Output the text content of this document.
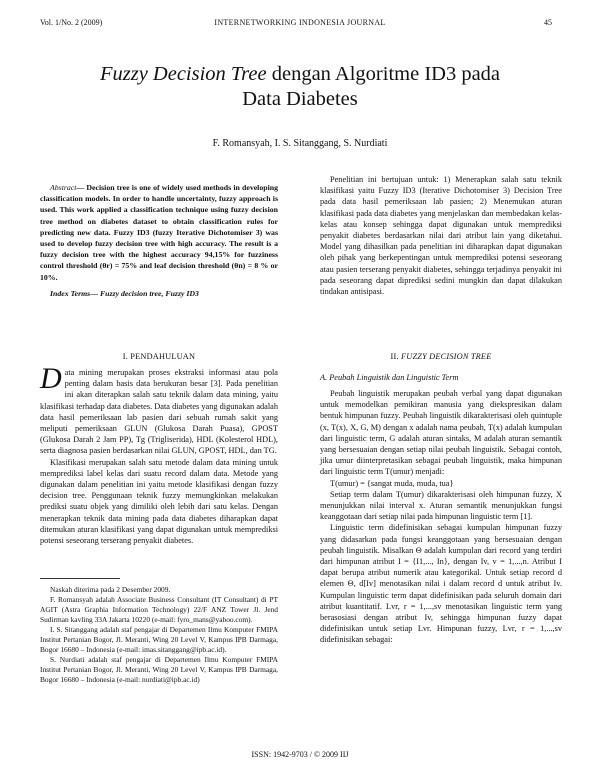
Vol. 1/No. 2 (2009)	INTERNETWORKING INDONESIA JOURNAL	45
Fuzzy Decision Tree dengan Algoritme ID3 pada
Data Diabetes
F. Romansyah, I. S. Sitanggang, S. Nurdiati
Abstract— Decision tree is one of widely used methods in developing classification models. In order to handle uncertainty, fuzzy approach is used. This work applied a classification technique using fuzzy decision tree method on diabetes dataset to obtain classification rules for predicting new data. Fuzzy ID3 (fuzzy Iterative Dichotomiser 3) was used to develop fuzzy decision tree with high accuracy. The result is a fuzzy decision tree with the highest accuracy 94,15% for fuzziness control threshold (θr) = 75% and leaf decision threshold (θn) = 8 % or 10%.
Index Terms— Fuzzy decision tree, Fuzzy ID3
I. PENDAHULUAN
Data mining merupakan proses ekstraksi informasi atau pola penting dalam basis data berukuran besar [3]. Pada penelitian ini akan diterapkan salah satu teknik dalam data mining, yaitu klasifikasi terhadap data diabetes. Data diabetes yang digunakan adalah data hasil pemeriksaan lab pasien dari sebuah rumah sakit yang meliputi pemeriksaan GLUN (Glukosa Darah Puasa), GPOST (Glukosa Darah 2 Jam PP), Tg (Trigliserida), HDL (Kolesterol HDL), serta diagnosa pasien berdasarkan nilai GLUN, GPOST, HDL, dan TG.
Klasifikasi merupakan salah satu metode dalam data mining untuk memprediksi label kelas dari suatu record dalam data. Metode yang digunakan dalam penelitian ini yaitu metode klasifikasi dengan fuzzy decision tree. Penggunaan teknik fuzzy memungkinkan melakukan prediksi suatu objek yang dimiliki oleh lebih dari satu kelas. Dengan menerapkan teknik data mining pada data diabetes diharapkan dapat ditemukan aturan klasifikasi yang dapat digunakan untuk memprediksi potensi seseorang terserang penyakit diabetes.

Naskah diterima pada 2 Desember 2009.

F. Romansyah adalah Associate Business Consultant (IT Consultant) di PT AGIT (Astra Graphia Information Technology) 22/F ANZ Tower Jl. Jend Sudirman kavling 33A Jakarta 10220 (e-mail: fyro_mans@yahoo.com).

I. S. Sitanggang adalah staf pengajar di Departemen Ilmu Komputer FMIPA Institut Pertanian Bogor, Jl. Meranti, Wing 20 Level V, Kampus IPB Darmaga, Bogor 16680 – Indonesia (e-mail: imas.sitanggang@ipb.ac.id).

S. Nurdiati adalah staf pengajar di Departemen Ilmu Komputer FMIPA Institut Pertanian Bogor, Jl. Meranti, Wing 20 Level V, Kampus IPB Darmaga, Bogor 16680 – Indonesia (e-mail: nurdiati@ipb.ac.id)

Penelitian ini bertujuan untuk: 1) Menerapkan salah satu teknik klasifikasi yaitu Fuzzy ID3 (Iterative Dichotomiser 3) Decision Tree pada data hasil pemeriksaan lab pasien; 2) Menemukan aturan klasifikasi pada data diabetes yang menjelaskan dan membedakan kelas-kelas atau konsep sehingga dapat digunakan untuk memprediksi penyakit diabetes berdasarkan nilai dari atribut lain yang diketahui. Model yang dihasilkan pada penelitian ini diharapkan dapat digunakan oleh pihak yang berkepentingan untuk memprediksi potensi seseorang atau pasien terserang penyakit diabetes, sehingga terjadinya penyakit ini pada seseorang dapat diprediksi sedini mungkin dan dapat dilakukan tindakan antisipasi.
II. FUZZY DECISION TREE
A. Peubah Linguistik dan Linguistic Term
Peubah linguistik merupakan peubah verbal yang dapat digunakan untuk memodelkan pemikiran manusia yang diekspresikan dalam bentuk himpunan fuzzy. Peubah linguistik dikarakterisasi oleh quintuple (x, T(x), X, G, M) dengan x adalah nama peubah, T(x) adalah kumpulan dari linguistic term, G adalah aturan sintaks, M adalah aturan semantik yang bersesuaian dengan setiap nilai peubah linguistik. Sebagai contoh, jika umur diinterpretasikan sebagai peubah linguistik, maka himpunan dari linguistic term T(umur) menjadi:
T(umur) = {sangat muda, muda, tua}
Setiap term dalam T(umur) dikarakterisasi oleh himpunan fuzzy, X menunjukkan nilai interval x. Aturan semantik menunjukkan fungsi keanggotaan dari setiap nilai pada himpunan linguistic term [1].
Linguistic term didefinisikan sebagai kumpulan himpunan fuzzy yang didasarkan pada fungsi keanggotaan yang bersesuaian dengan peubah linguistik. Misalkan Θ adalah kumpulan dari record yang terdiri dari himpunan atribut I = {I1,..., In}, dengan Iv, v = 1,...,n. Atribut I dapat berupa atribut numerik atau kategorikal. Untuk setiap record d elemen Θ, d[Iv] menotasikan nilai i dalam record d untuk atribut Iv. Kumpulan linguistic term dapat didefinisikan pada seluruh domain dari atribut kuantitatif. Lvr, r = 1,...,sv menotasikan linguistic term yang berasosiasi dengan atribut Iv, sehingga himpunan fuzzy dapat didefinisikan untuk setiap Lvr. Himpunan fuzzy, Lvr, r = 1,...,sv didefinisikan sebagai:
ISSN: 1942-9703 / © 2009 IIJ
